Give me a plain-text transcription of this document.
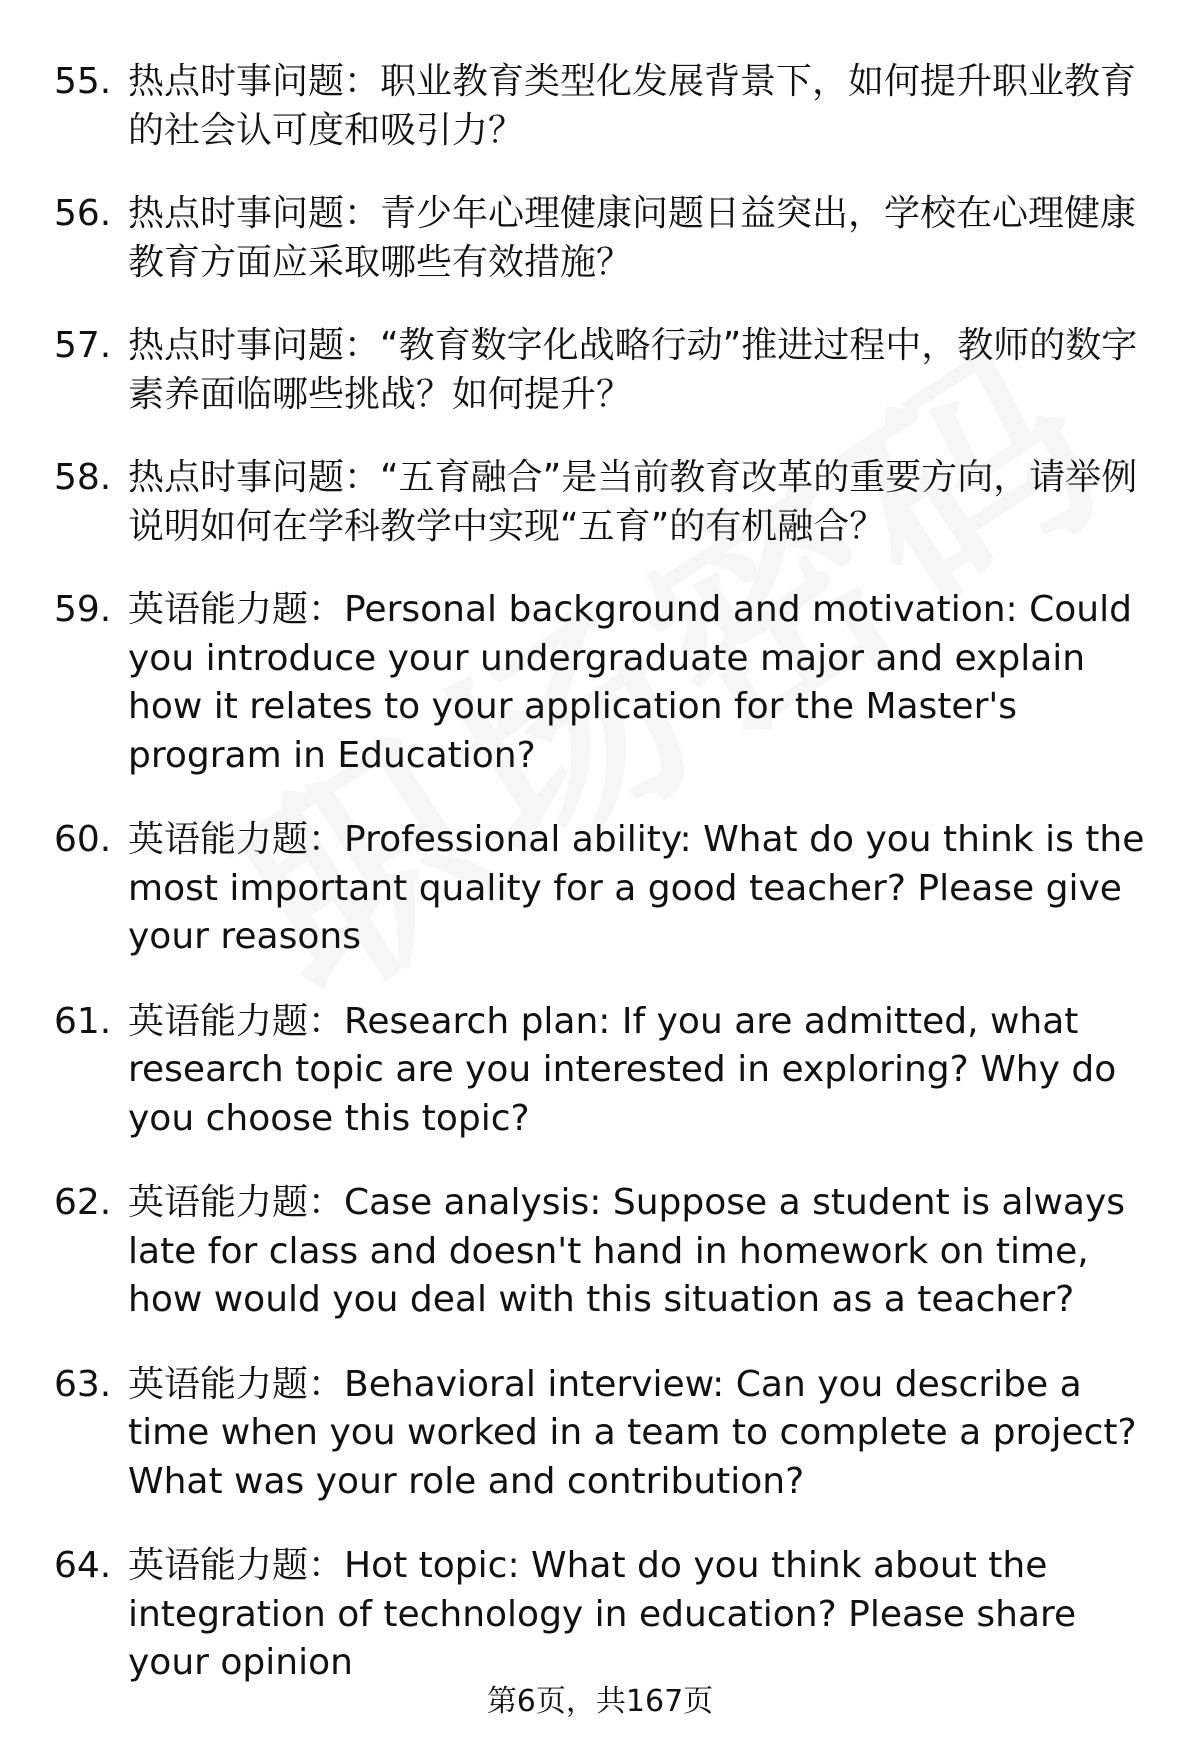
55. 热点时事问题：职业教育类型化发展背景下，如何提升职业教育的社会认可度和吸引力？
56. 热点时事问题：青少年心理健康问题日益突出，学校在心理健康教育方面应采取哪些有效措施？
57. 热点时事问题：“教育数字化战略行动”推进过程中，教师的数字素养面临哪些挑战？如何提升？
58. 热点时事问题：“五育融合”是当前教育改革的重要方向，请举例说明如何在学科教学中实现“五育”的有机融合？
59. 英语能力题：Personal background and motivation: Could you introduce your undergraduate major and explain how it relates to your application for the Master's program in Education?
60. 英语能力题：Professional ability: What do you think is the most important quality for a good teacher? Please give your reasons
61. 英语能力题：Research plan: If you are admitted, what research topic are you interested in exploring? Why do you choose this topic?
62. 英语能力题：Case analysis: Suppose a student is always late for class and doesn't hand in homework on time, how would you deal with this situation as a teacher?
63. 英语能力题：Behavioral interview: Can you describe a time when you worked in a team to complete a project? What was your role and contribution?
64. 英语能力题：Hot topic: What do you think about the integration of technology in education? Please share your opinion
第6页，共167页
